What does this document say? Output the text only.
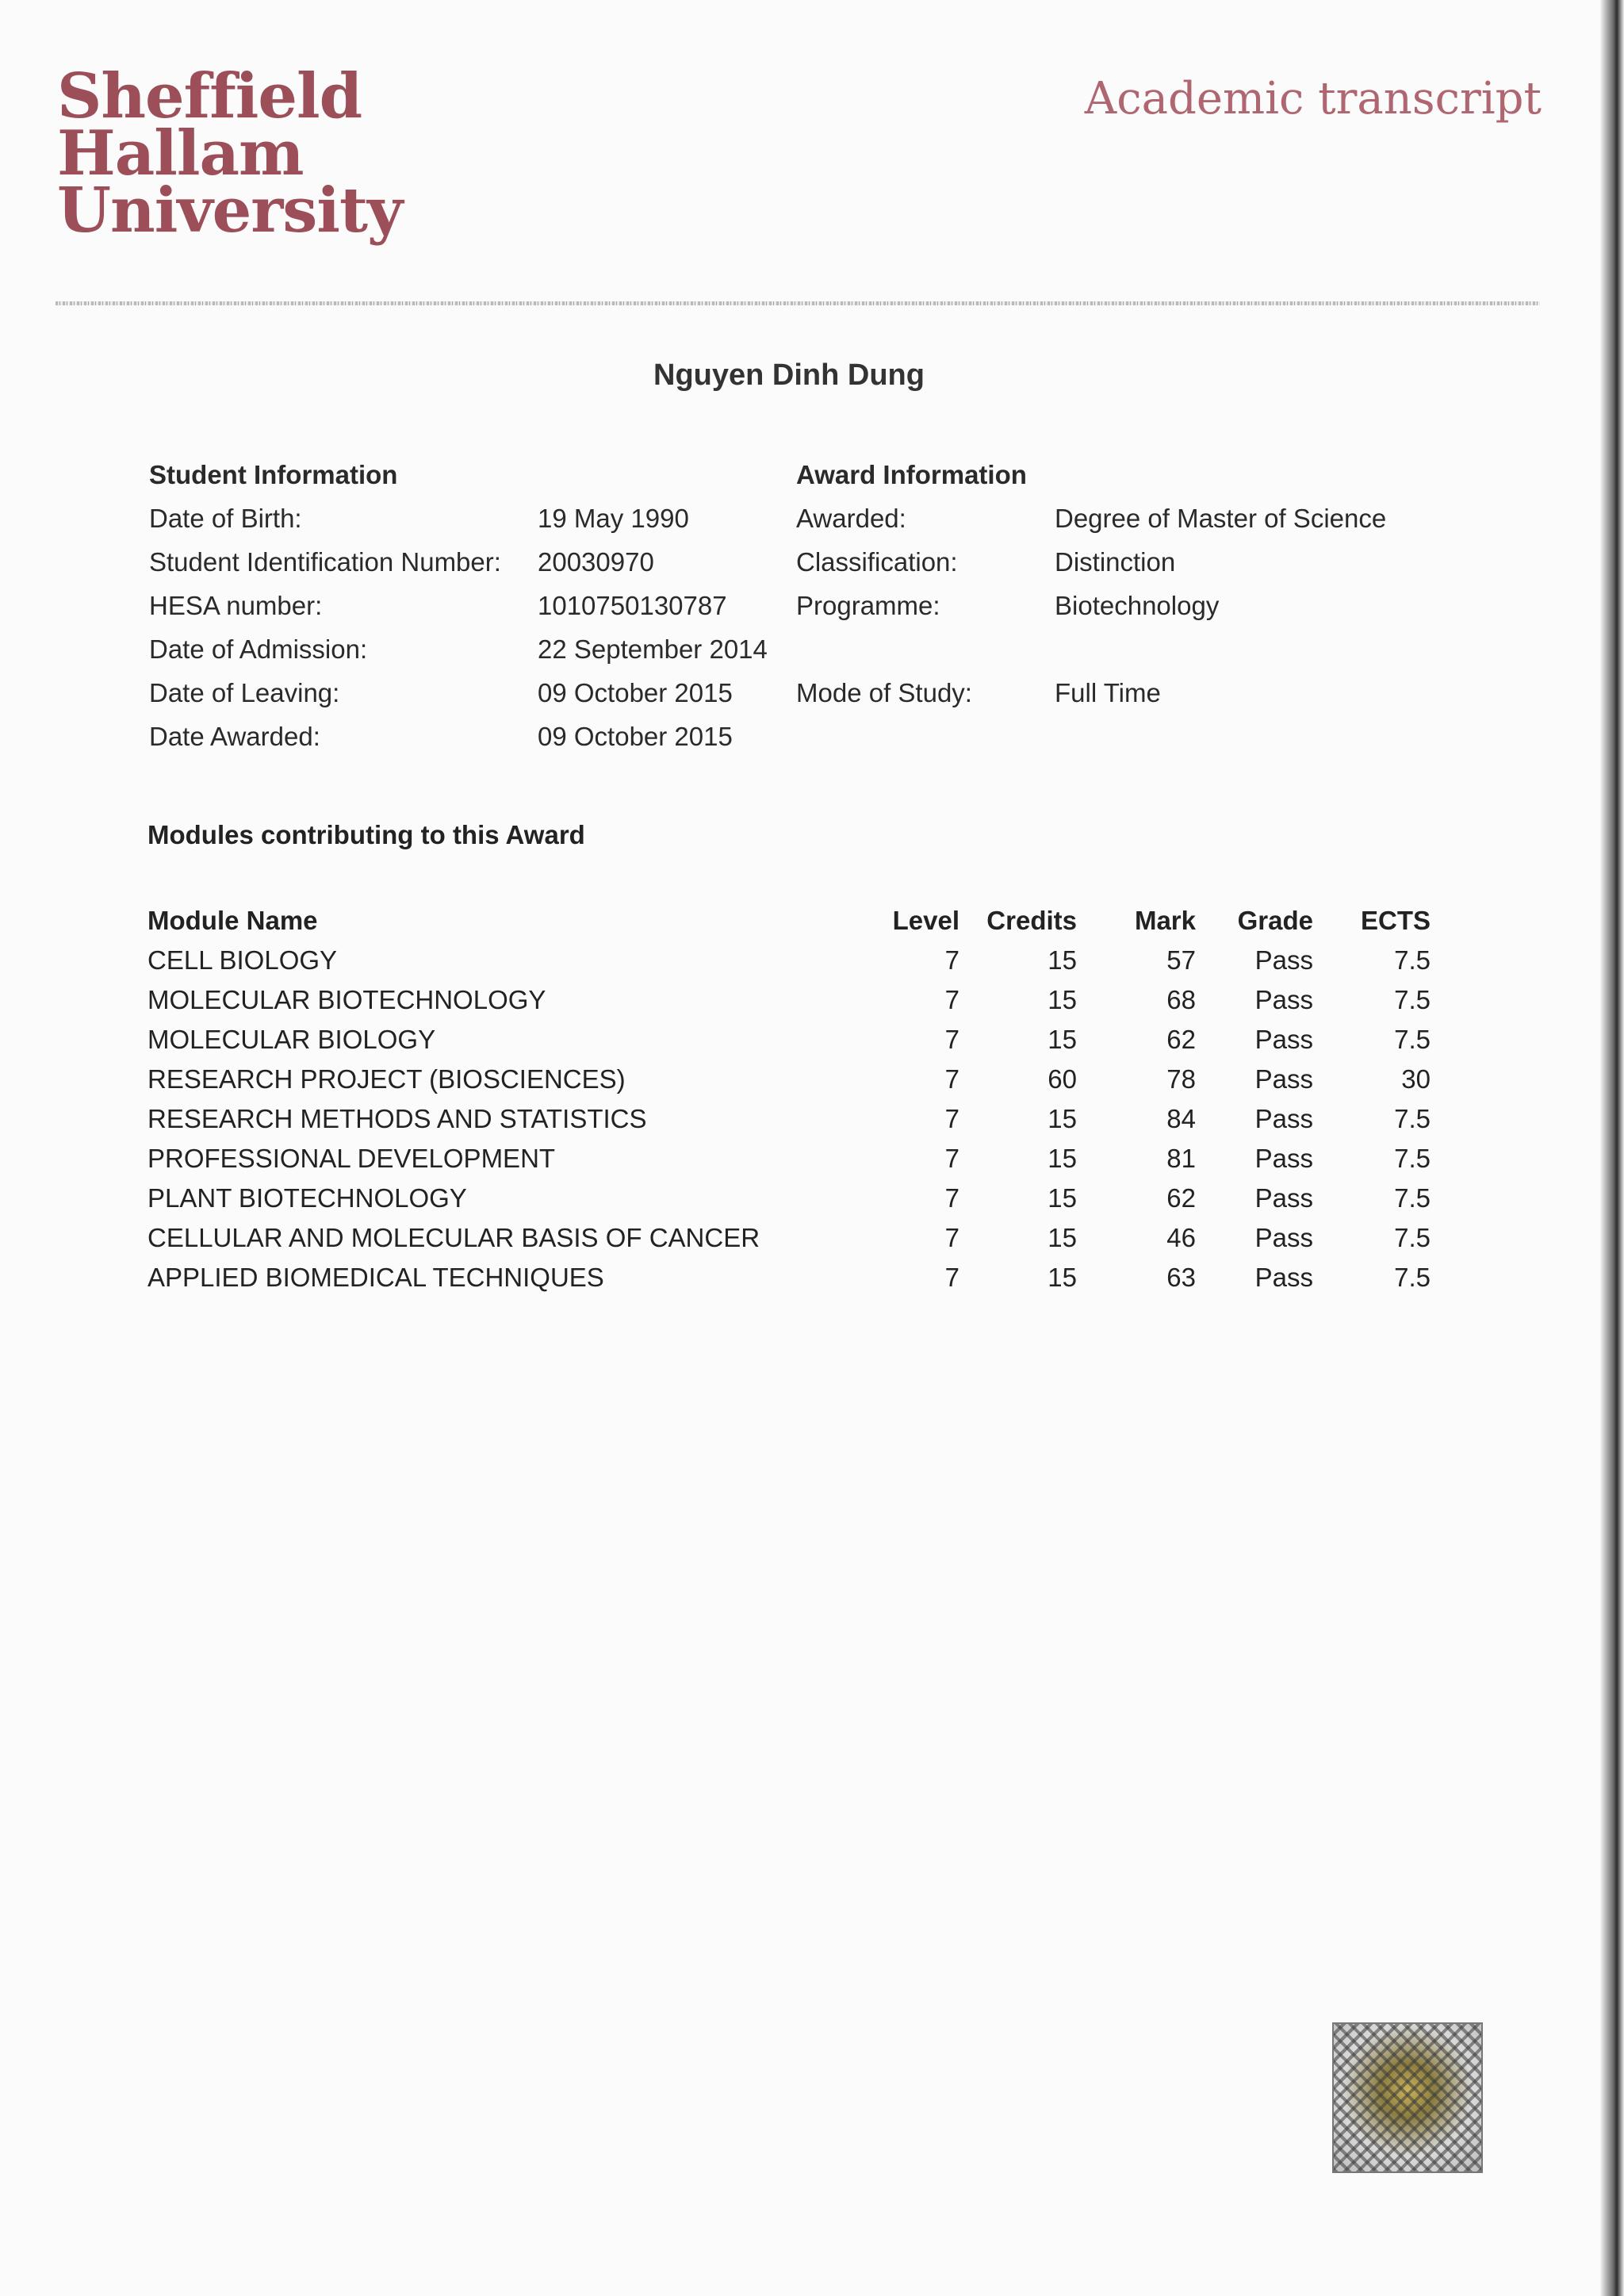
Sheffield
Hallam
University
Academic transcript
Nguyen Dinh Dung
Student Information
Date of Birth:	19 May 1990
Student Identification Number: 20030970
HESA number:	1010750130787
Date of Admission:	22 September 2014
Date of Leaving:	09 October 2015
Date Awarded:	09 October 2015
Award Information
Awarded:	Degree of Master of Science
Classification:	Distinction
Programme:	Biotechnology
Mode of Study:	Full Time
Modules contributing to this Award
Module Name	Level	Credits	Mark	Grade	ECTS
CELL BIOLOGY	7	15	57	Pass	7.5
MOLECULAR BIOTECHNOLOGY	7	15	68	Pass	7.5
MOLECULAR BIOLOGY	7	15	62	Pass	7.5
RESEARCH PROJECT (BIOSCIENCES)	7	60	78	Pass	30
RESEARCH METHODS AND STATISTICS	7	15	84	Pass	7.5
PROFESSIONAL DEVELOPMENT	7	15	81	Pass	7.5
PLANT BIOTECHNOLOGY	7	15	62	Pass	7.5
CELLULAR AND MOLECULAR BASIS OF CANCER	7	15	46	Pass	7.5
APPLIED BIOMEDICAL TECHNIQUES	7	15	63	Pass	7.5
